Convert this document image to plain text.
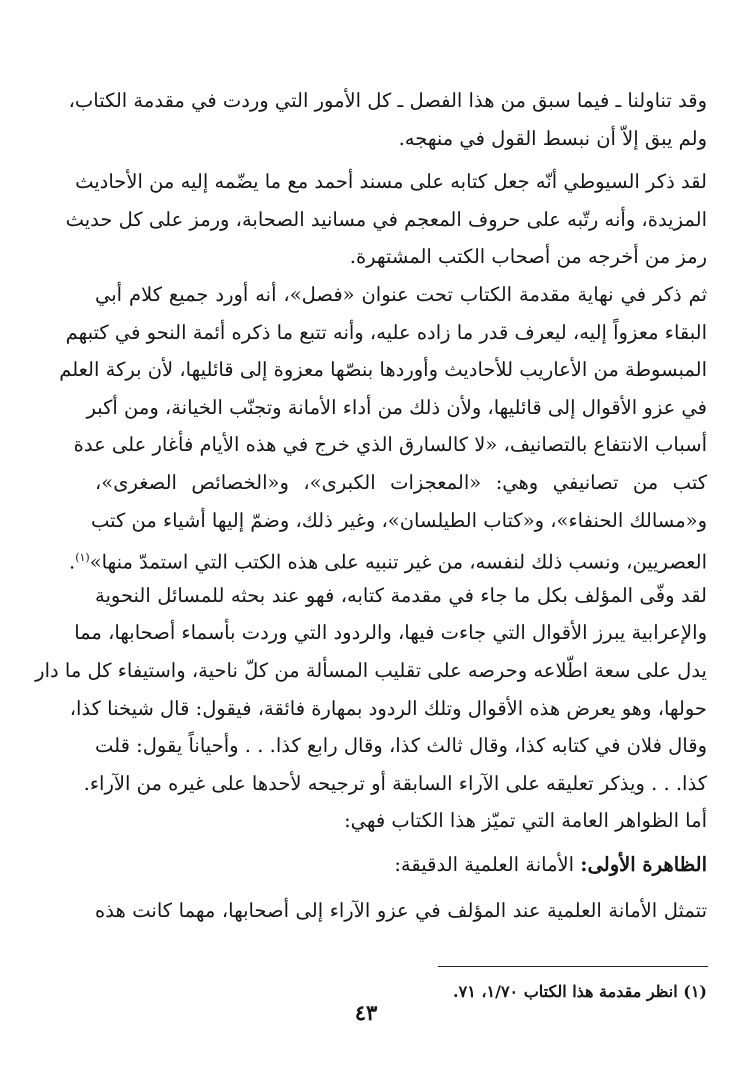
وقد تناولنا ـ فيما سبق من هذا الفصل ـ كل الأمور التي وردت في مقدمة الكتاب،
ولم يبق إلاّ أن نبسط القول في منهجه.
لقد ذكر السيوطي أنّه جعل كتابه على مسند أحمد مع ما يضّمه إليه من الأحاديث
المزيدة، وأنه رتّبه على حروف المعجم في مسانيد الصحابة، ورمز على كل حديث
رمز من أخرجه من أصحاب الكتب المشتهرة.
ثم ذكر في نهاية مقدمة الكتاب تحت عنوان «فصل»، أنه أورد جميع كلام أبي
البقاء معزواً إليه، ليعرف قدر ما زاده عليه، وأنه تتبع ما ذكره أئمة النحو في كتبهم
المبسوطة من الأعاريب للأحاديث وأوردها بنصّها معزوة إلى قائليها، لأن بركة العلم
في عزو الأقوال إلى قائليها، ولأن ذلك من أداء الأمانة وتجنّب الخيانة، ومن أكبر
أسباب الانتفاع بالتصانيف، «لا كالسارق الذي خرج في هذه الأيام فأغار على عدة
كتب من تصانيفي وهي: «المعجزات الكبرى»، و«الخصائص الصغرى»،
و«مسالك الحنفاء»، و«كتاب الطيلسان»، وغير ذلك، وضمّ إليها أشياء من كتب
العصريين، ونسب ذلك لنفسه، من غير تنبيه على هذه الكتب التي استمدّ منها»$^{(١)}$.
لقد وفّى المؤلف بكل ما جاء في مقدمة كتابه، فهو عند بحثه للمسائل النحوية
والإعرابية يبرز الأقوال التي جاءت فيها، والردود التي وردت بأسماء أصحابها، مما
يدل على سعة اطّلاعه وحرصه على تقليب المسألة من كلّ ناحية، واستيفاء كل ما دار
حولها، وهو يعرض هذه الأقوال وتلك الردود بمهارة فائقة، فيقول: قال شيخنا كذا،
وقال فلان في كتابه كذا، وقال ثالث كذا، وقال رابع كذا. . . وأحياناً يقول: قلت
كذا. . . ويذكر تعليقه على الآراء السابقة أو ترجيحه لأحدها على غيره من الآراء.
أما الظواهر العامة التي تميّز هذا الكتاب فهي:
الظاهرة الأولى: الأمانة العلمية الدقيقة:
تتمثل الأمانة العلمية عند المؤلف في عزو الآراء إلى أصحابها، مهما كانت هذه
(١) انظر مقدمة هذا الكتاب ١/٧٠، ٧١.
٤٣
